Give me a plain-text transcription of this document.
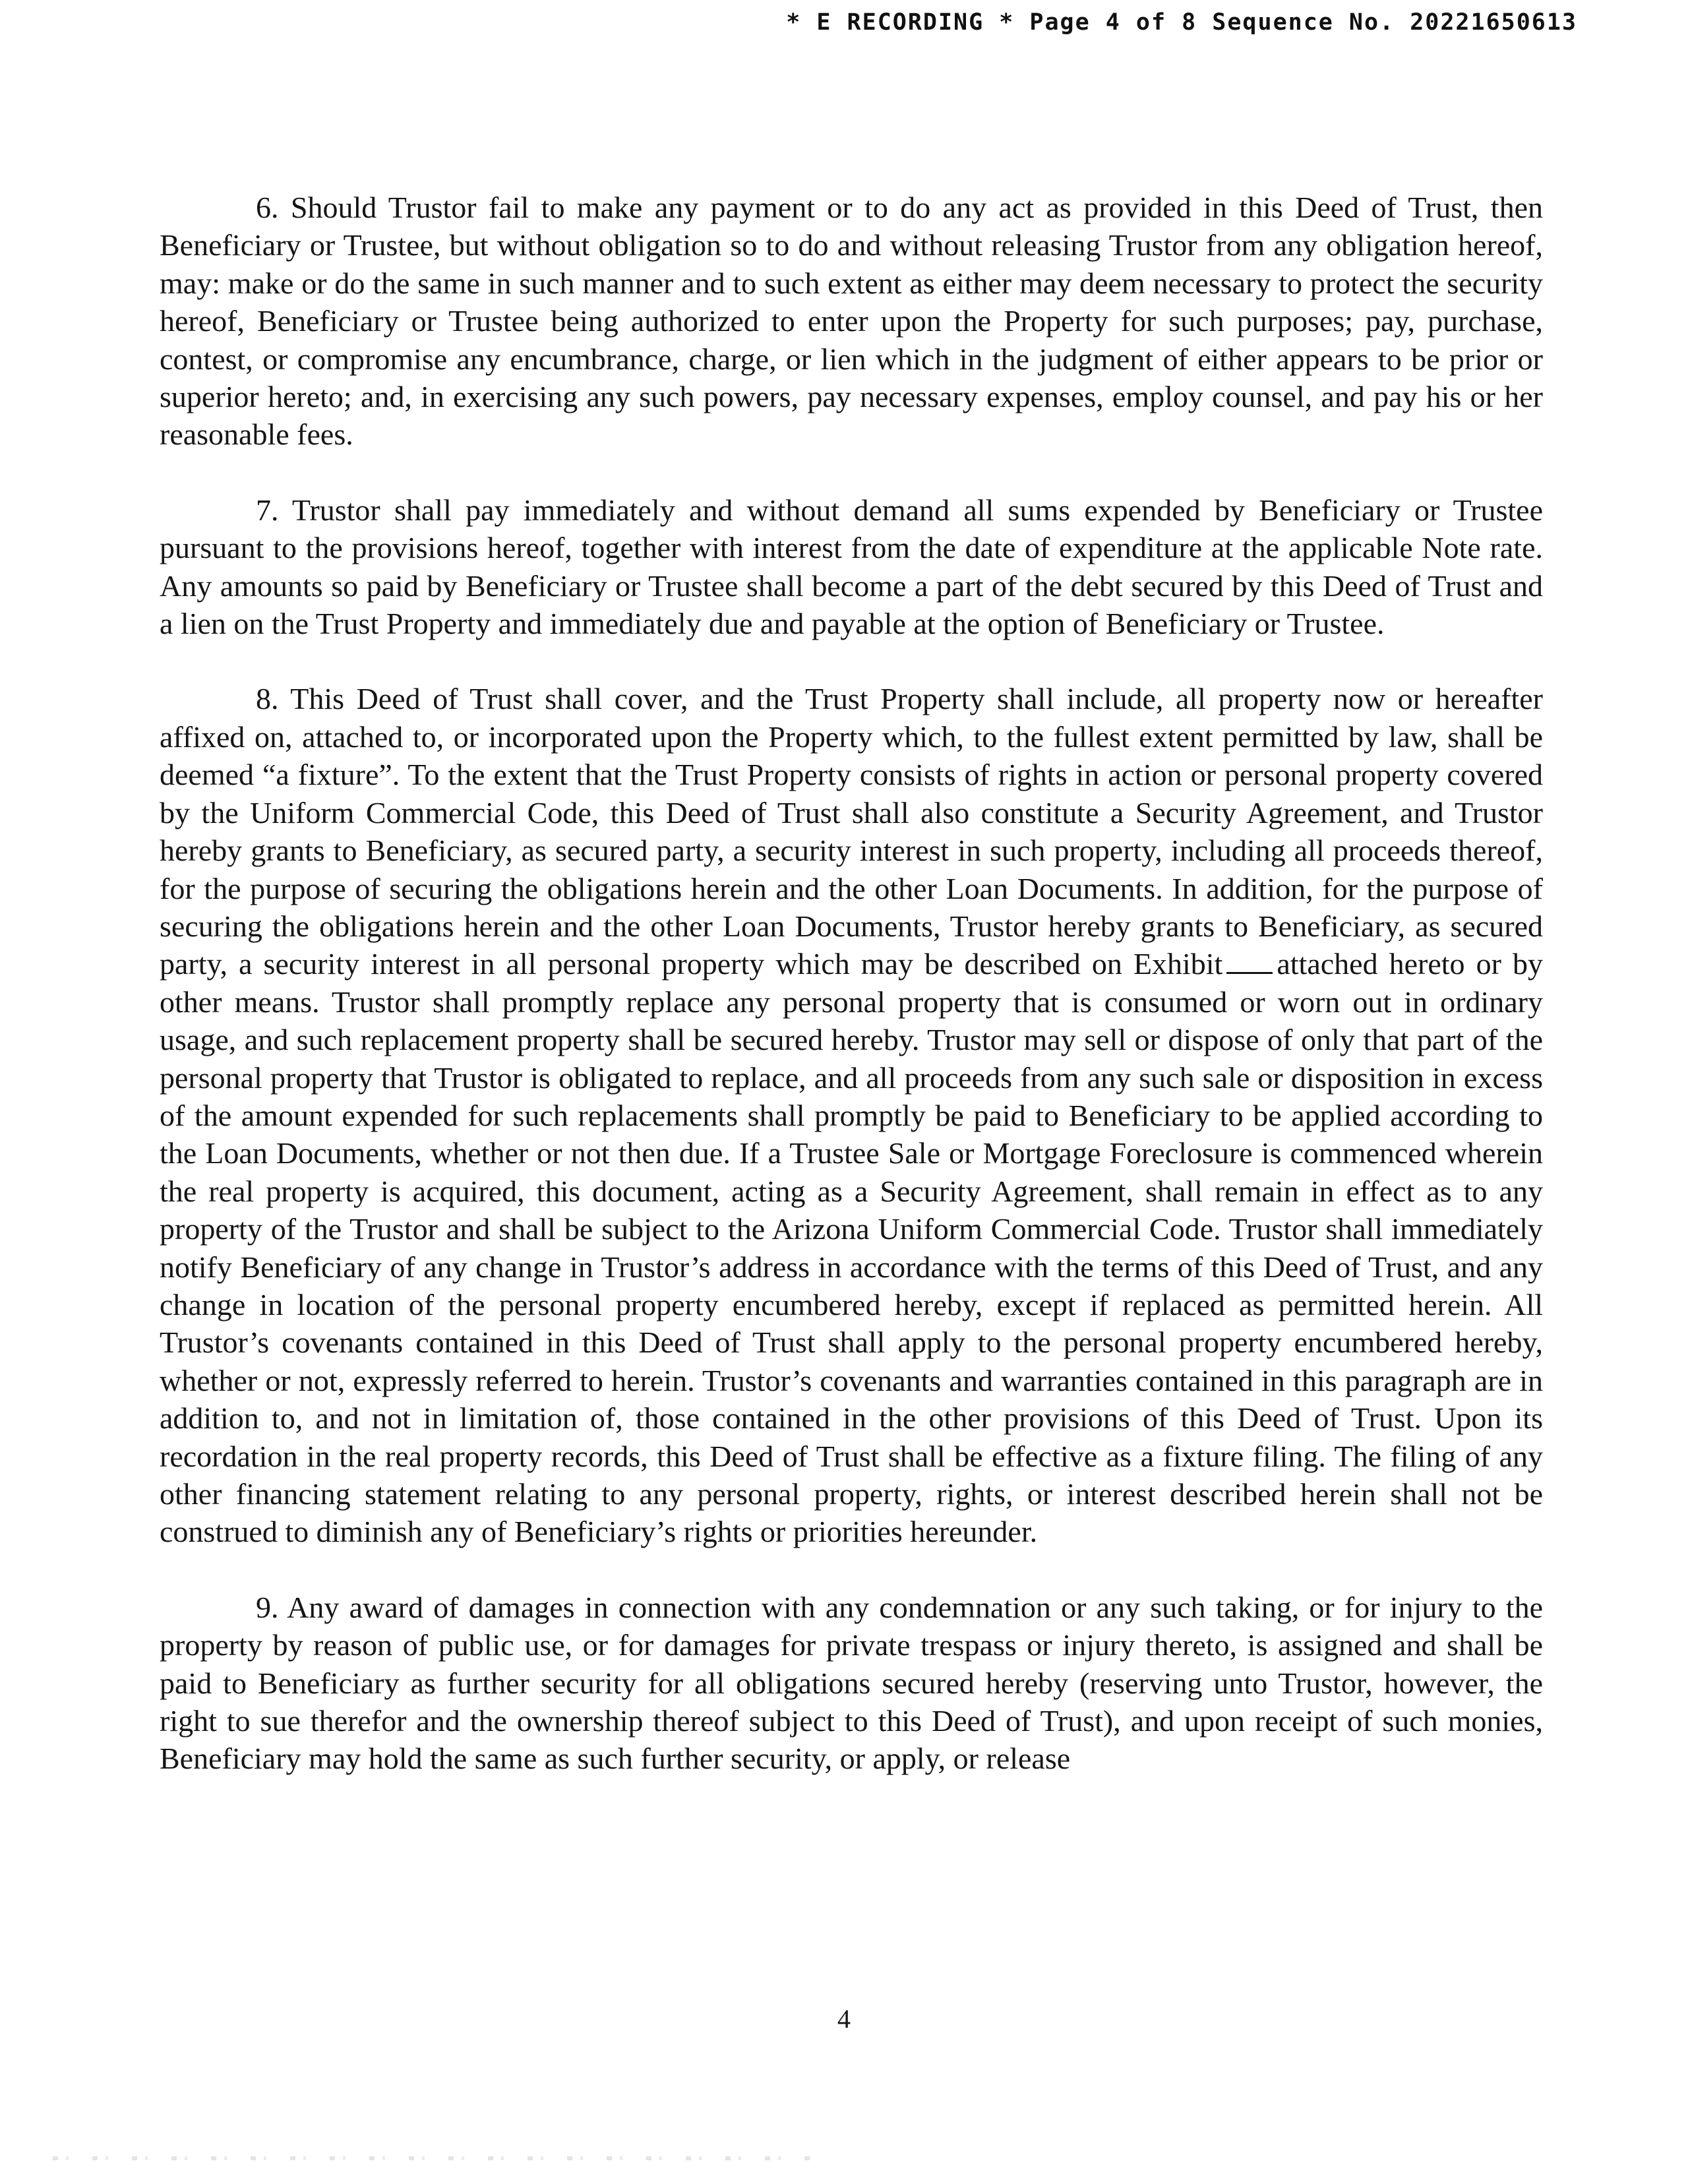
* E RECORDING * Page 4 of 8 Sequence No. 20221650613

6. Should Trustor fail to make any payment or to do any act as provided in this Deed of Trust, then Beneficiary or Trustee, but without obligation so to do and without releasing Trustor from any obligation hereof, may: make or do the same in such manner and to such extent as either may deem necessary to protect the security hereof, Beneficiary or Trustee being authorized to enter upon the Property for such purposes; pay, purchase, contest, or compromise any encumbrance, charge, or lien which in the judgment of either appears to be prior or superior hereto; and, in exercising any such powers, pay necessary expenses, employ counsel, and pay his or her reasonable fees.

7. Trustor shall pay immediately and without demand all sums expended by Beneficiary or Trustee pursuant to the provisions hereof, together with interest from the date of expenditure at the applicable Note rate. Any amounts so paid by Beneficiary or Trustee shall become a part of the debt secured by this Deed of Trust and a lien on the Trust Property and immediately due and payable at the option of Beneficiary or Trustee.

8. This Deed of Trust shall cover, and the Trust Property shall include, all property now or hereafter affixed on, attached to, or incorporated upon the Property which, to the fullest extent permitted by law, shall be deemed “a fixture”. To the extent that the Trust Property consists of rights in action or personal property covered by the Uniform Commercial Code, this Deed of Trust shall also constitute a Security Agreement, and Trustor hereby grants to Beneficiary, as secured party, a security interest in such property, including all proceeds thereof, for the purpose of securing the obligations herein and the other Loan Documents. In addition, for the purpose of securing the obligations herein and the other Loan Documents, Trustor hereby grants to Beneficiary, as secured party, a security interest in all personal property which may be described on Exhibit attached hereto or by other means. Trustor shall promptly replace any personal property that is consumed or worn out in ordinary usage, and such replacement property shall be secured hereby. Trustor may sell or dispose of only that part of the personal property that Trustor is obligated to replace, and all proceeds from any such sale or disposition in excess of the amount expended for such replacements shall promptly be paid to Beneficiary to be applied according to the Loan Documents, whether or not then due. If a Trustee Sale or Mortgage Foreclosure is commenced wherein the real property is acquired, this document, acting as a Security Agreement, shall remain in effect as to any property of the Trustor and shall be subject to the Arizona Uniform Commercial Code. Trustor shall immediately notify Beneficiary of any change in Trustor’s address in accordance with the terms of this Deed of Trust, and any change in location of the personal property encumbered hereby, except if replaced as permitted herein. All Trustor’s covenants contained in this Deed of Trust shall apply to the personal property encumbered hereby, whether or not, expressly referred to herein. Trustor’s covenants and warranties contained in this paragraph are in addition to, and not in limitation of, those contained in the other provisions of this Deed of Trust. Upon its recordation in the real property records, this Deed of Trust shall be effective as a fixture filing. The filing of any other financing statement relating to any personal property, rights, or interest described herein shall not be construed to diminish any of Beneficiary’s rights or priorities hereunder.

9. Any award of damages in connection with any condemnation or any such taking, or for injury to the property by reason of public use, or for damages for private trespass or injury thereto, is assigned and shall be paid to Beneficiary as further security for all obligations secured hereby (reserving unto Trustor, however, the right to sue therefor and the ownership thereof subject to this Deed of Trust), and upon receipt of such monies, Beneficiary may hold the same as such further security, or apply, or release

4
